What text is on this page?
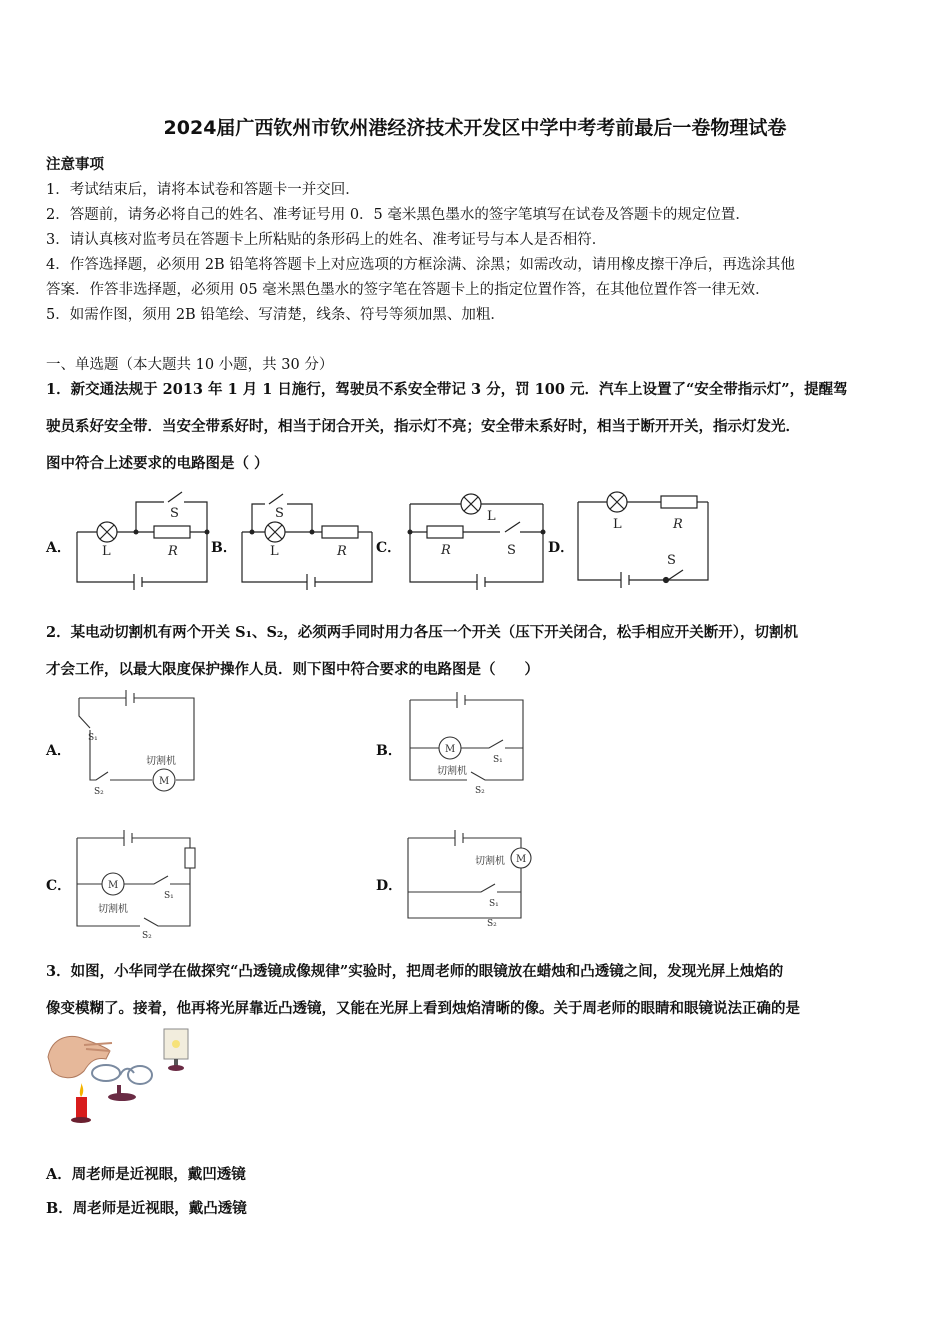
2024届广西钦州市钦州港经济技术开发区中学中考考前最后一卷物理试卷
注意事项
1．考试结束后，请将本试卷和答题卡一并交回．
2．答题前，请务必将自己的姓名、准考证号用 0．5 毫米黑色墨水的签字笔填写在试卷及答题卡的规定位置．
3．请认真核对监考员在答题卡上所粘贴的条形码上的姓名、准考证号与本人是否相符．
4．作答选择题，必须用 2B 铅笔将答题卡上对应选项的方框涂满、涂黑；如需改动，请用橡皮擦干净后，再选涂其他
答案．作答非选择题，必须用 05 毫米黑色墨水的签字笔在答题卡上的指定位置作答，在其他位置作答一律无效．
5．如需作图，须用 2B 铅笔绘、写清楚，线条、符号等须加黑、加粗．
一、单选题（本大题共 10 小题，共 30 分）
1．新交通法规于 2013 年 1 月 1 日施行，驾驶员不系安全带记 3 分，罚 100 元．汽车上设置了“安全带指示灯”，提醒驾
驶员系好安全带．当安全带系好时，相当于闭合开关，指示灯不亮；安全带未系好时，相当于断开开关，指示灯发光．
图中符合上述要求的电路图是（ ）
A．	B．	C．	D．
L	R
S
L	R
S	L
R	S
L	R
S
2．某电动切割机有两个开关 S₁、S₂，必须两手同时用力各压一个开关（压下开关闭合，松手相应开关断开），切割机
才会工作，以最大限度保护操作人员．则下图中符合要求的电路图是（　　）
A．	B．
C．	D．
M
切割机
S₁
S₂
M
切割机
S₁
S₂
M
切割机
S₁
S₂
M
切割机
S₁
S₂
3．如图，小华同学在做探究“凸透镜成像规律”实验时，把周老师的眼镜放在蜡烛和凸透镜之间，发现光屏上烛焰的
像变模糊了。接着，他再将光屏靠近凸透镜，又能在光屏上看到烛焰清晰的像。关于周老师的眼睛和眼镜说法正确的是
A．周老师是近视眼，戴凹透镜
B．周老师是近视眼，戴凸透镜
